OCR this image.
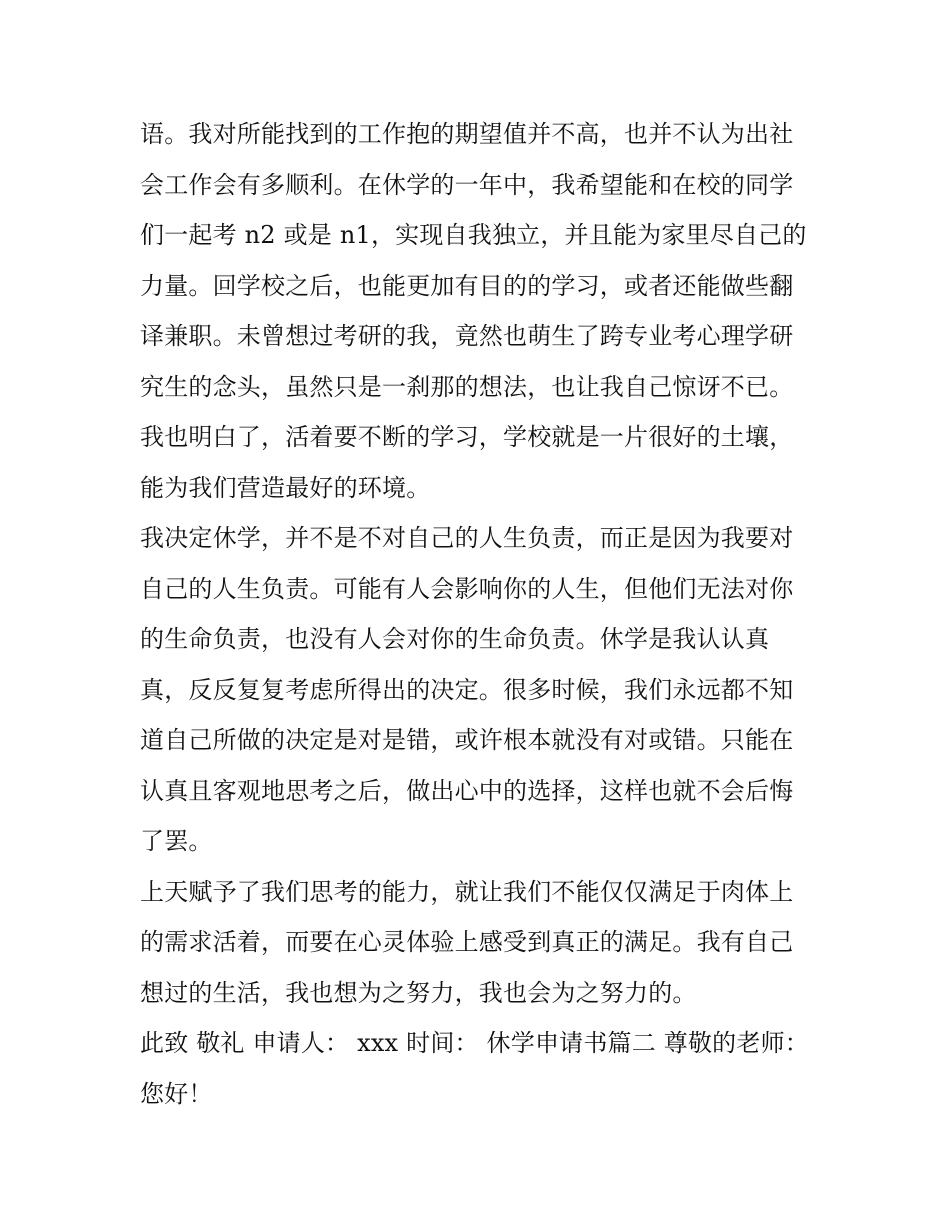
语。我对所能找到的工作抱的期望值并不高，也并不认为出社
会工作会有多顺利。在休学的一年中，我希望能和在校的同学
们一起考 n2 或是 n1，实现自我独立，并且能为家里尽自己的
力量。回学校之后，也能更加有目的的学习，或者还能做些翻
译兼职。未曾想过考研的我，竟然也萌生了跨专业考心理学研
究生的念头，虽然只是一刹那的想法，也让我自己惊讶不已。
我也明白了，活着要不断的学习，学校就是一片很好的土壤，
能为我们营造最好的环境。
我决定休学，并不是不对自己的人生负责，而正是因为我要对
自己的人生负责。可能有人会影响你的人生，但他们无法对你
的生命负责，也没有人会对你的生命负责。休学是我认认真
真，反反复复考虑所得出的决定。很多时候，我们永远都不知
道自己所做的决定是对是错，或许根本就没有对或错。只能在
认真且客观地思考之后，做出心中的选择，这样也就不会后悔
了罢。
上天赋予了我们思考的能力，就让我们不能仅仅满足于肉体上
的需求活着，而要在心灵体验上感受到真正的满足。我有自己
想过的生活，我也想为之努力，我也会为之努力的。
此致 敬礼 申请人： xxx 时间： 休学申请书篇二 尊敬的老师：
您好！
